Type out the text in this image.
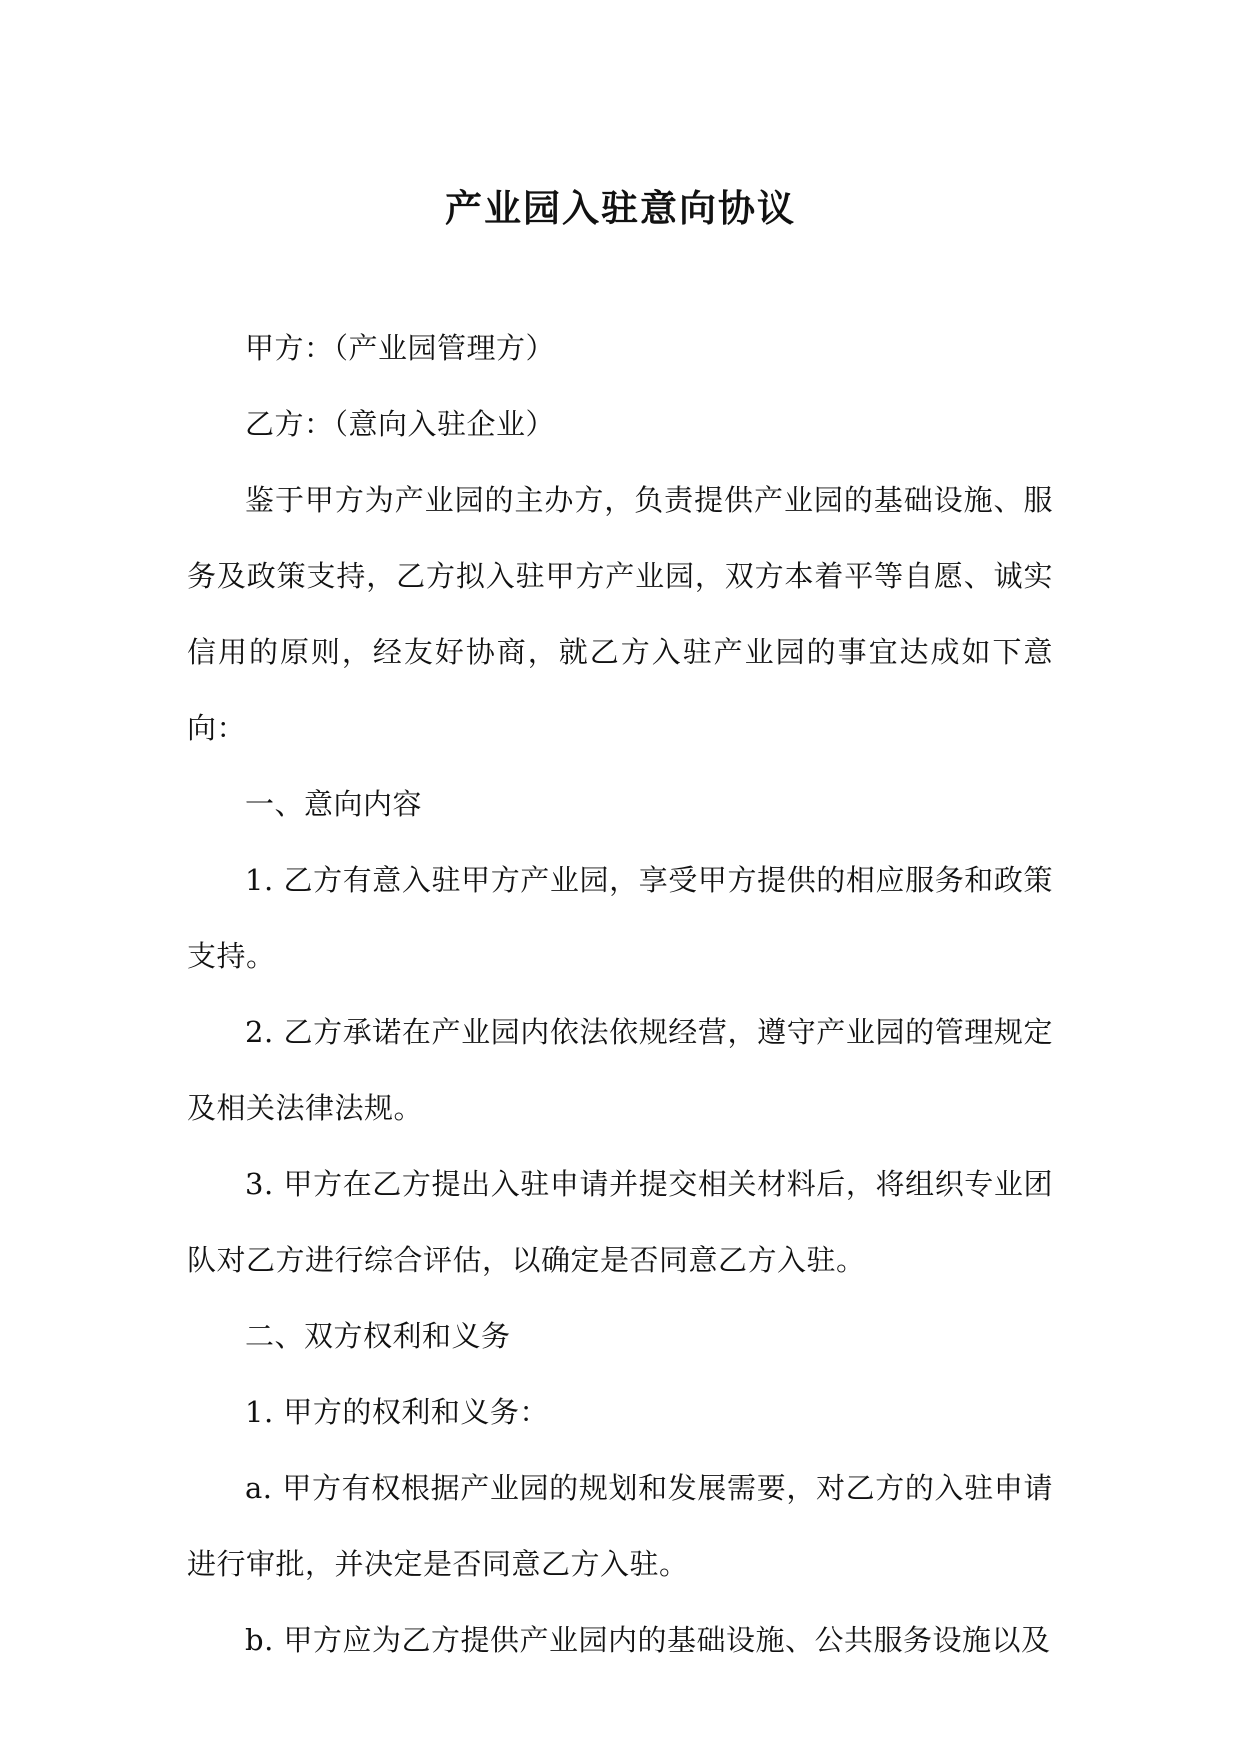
产业园入驻意向协议

甲方：（产业园管理方）

乙方：（意向入驻企业）

鉴于甲方为产业园的主办方，负责提供产业园的基础设施、服务及政策支持，乙方拟入驻甲方产业园，双方本着平等自愿、诚实信用的原则，经友好协商，就乙方入驻产业园的事宜达成如下意向：

一、意向内容

1. 乙方有意入驻甲方产业园，享受甲方提供的相应服务和政策支持。

2. 乙方承诺在产业园内依法依规经营，遵守产业园的管理规定及相关法律法规。

3. 甲方在乙方提出入驻申请并提交相关材料后，将组织专业团队对乙方进行综合评估，以确定是否同意乙方入驻。

二、双方权利和义务

1. 甲方的权利和义务：

a. 甲方有权根据产业园的规划和发展需要，对乙方的入驻申请进行审批，并决定是否同意乙方入驻。

b. 甲方应为乙方提供产业园内的基础设施、公共服务设施以及
